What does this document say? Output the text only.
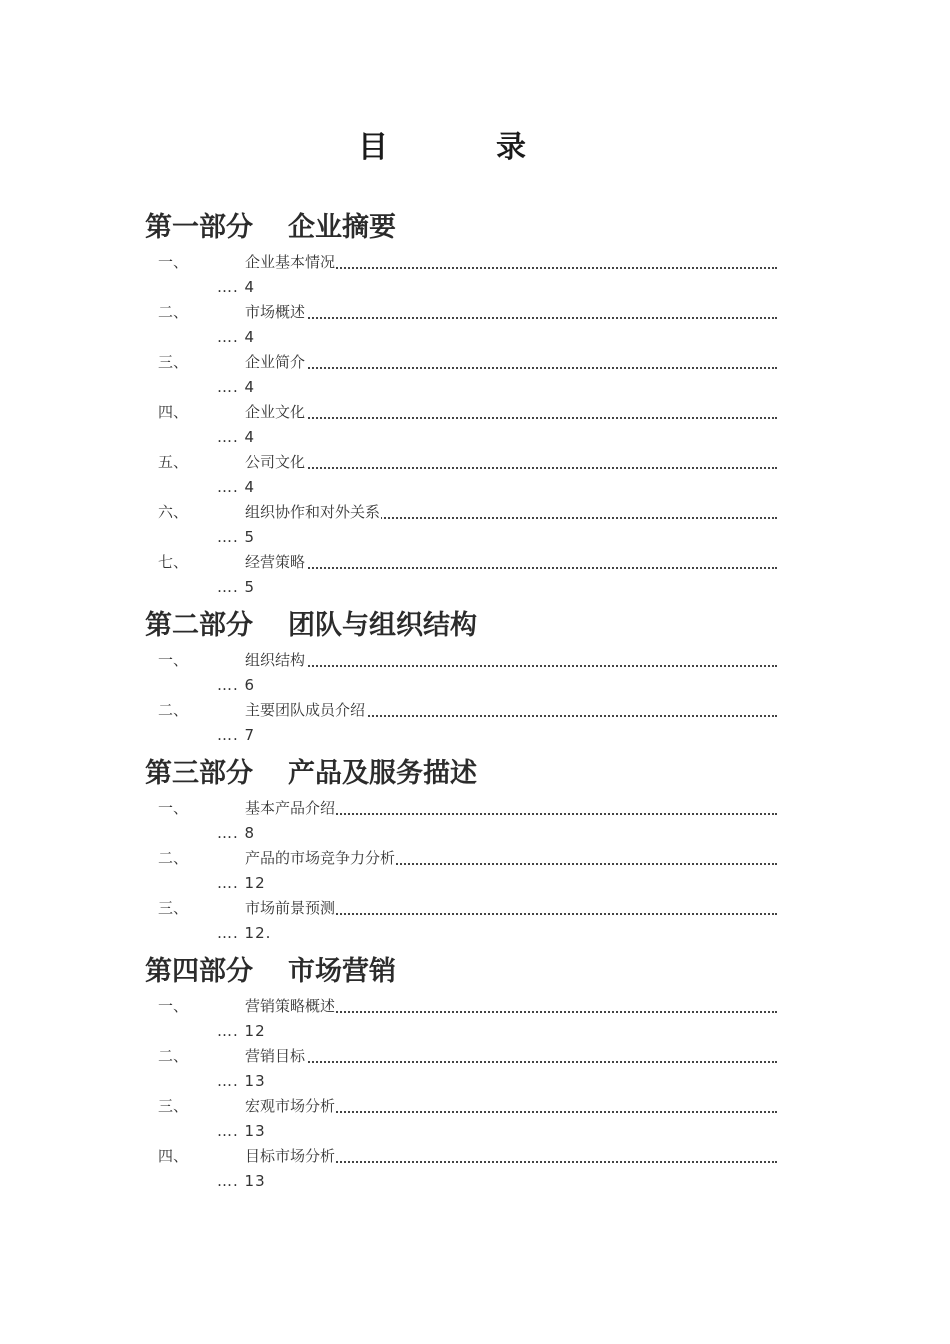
目	录
第一部分 企业摘要
一、	企业基本情况
…. 4
二、	市场概述
…. 4
三、	企业简介
…. 4
四、	企业文化
…. 4
五、	公司文化
…. 4
六、	组织协作和对外关系
…. 5
七、	经营策略
…. 5
第二部分 团队与组织结构
一、	组织结构
…. 6
二、	主要团队成员介绍
…. 7
第三部分 产品及服务描述
一、	基本产品介绍
…. 8
二、	产品的市场竞争力分析
…. 12
三、	市场前景预测
…. 12.
第四部分 市场营销
一、	营销策略概述
…. 12
二、	营销目标
…. 13
三、	宏观市场分析
…. 13
四、	目标市场分析
…. 13
